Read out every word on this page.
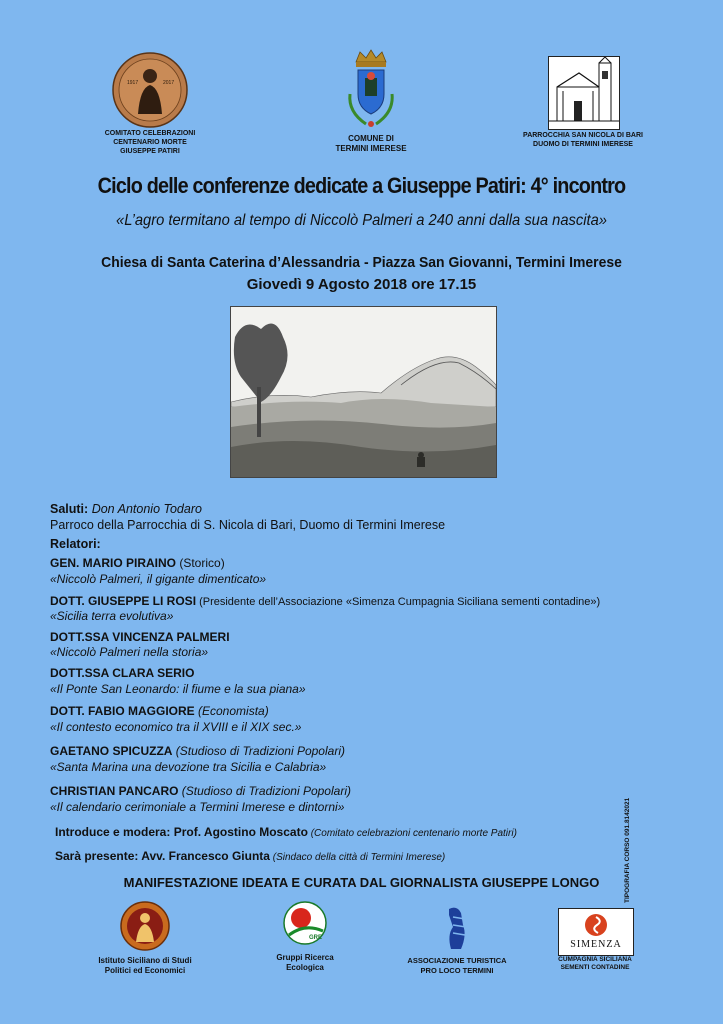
1917	2017
COMITATO CELEBRAZIONI
CENTENARIO MORTE
GIUSEPPE PATIRI
COMUNE DI
TERMINI IMERESE
PARROCCHIA SAN NICOLA DI BARI
DUOMO DI TERMINI IMERESE
Ciclo delle conferenze dedicate a Giuseppe Patiri: 4° incontro
«L’agro termitano al tempo di Niccolò Palmeri a 240 anni dalla sua nascita»
Chiesa di Santa Caterina d’Alessandria - Piazza San Giovanni, Termini Imerese
Giovedì 9 Agosto 2018 ore 17.15
Saluti: Don Antonio Todaro
Parroco della Parrocchia di S. Nicola di Bari, Duomo di Termini Imerese
Relatori:
GEN. MARIO PIRAINO (Storico)
«Niccolò Palmeri, il gigante dimenticato»
DOTT. GIUSEPPE LI ROSI (Presidente dell’Associazione «Simenza Cumpagnia Siciliana sementi contadine»)
«Sicilia terra evolutiva»
DOTT.SSA VINCENZA PALMERI
«Niccolò Palmeri nella storia»
DOTT.SSA CLARA SERIO
«Il Ponte San Leonardo: il fiume e la sua piana»
DOTT. FABIO MAGGIORE (Economista)
«Il contesto economico tra il XVIII e il XIX sec.»
GAETANO SPICUZZA (Studioso di Tradizioni Popolari)
«Santa Marina una devozione tra Sicilia e Calabria»
CHRISTIAN PANCARO (Studioso di Tradizioni Popolari)
«Il calendario cerimoniale a Termini Imerese e dintorni»
Introduce e modera: Prof. Agostino Moscato (Comitato celebrazioni centenario morte Patiri)
Sarà presente: Avv. Francesco Giunta (Sindaco della città di Termini Imerese)
MANIFESTAZIONE IDEATA E CURATA DAL GIORNALISTA GIUSEPPE LONGO
Istituto Siciliano di Studi
Politici ed Economici
GRE
Gruppi Ricerca
Ecologica
ASSOCIAZIONE TURISTICA
PRO LOCO TERMINI
SIMENZA
CUMPAGNIA SICILIANA
SEMENTI CONTADINE
TIPOGRAFIA CORSO 091.8142021
